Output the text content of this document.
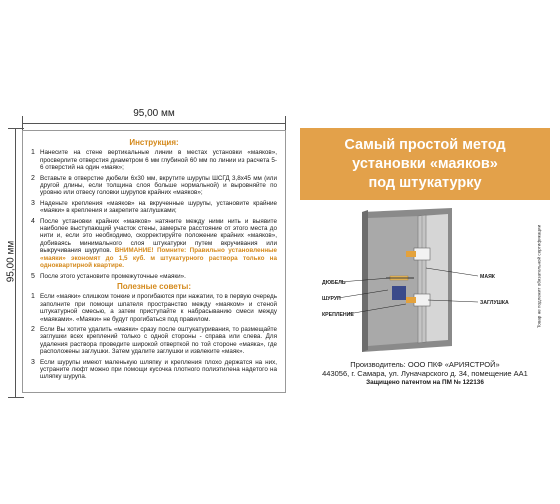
95,00 мм
95,00 мм
Инструкция:
1 Нанесите на стене вертикальные линии в местах установки «маяков», просверлите отверстия диаметром 6 мм глубиной 60 мм по линии из расчета 5-6 отверстий на один «маяк»;
2 Вставьте в отверстие дюбели 6х30 мм, вкрутите шурупы ШСГД 3,8х45 мм (или другой длины, если толщина слоя больше нормальной) и выровняйте по уровню или отвесу головки шурупов крайних «маяков»;
3 Наденьте крепления «маяков» на вкрученные шурупы, установите крайние «маяки» в крепления и закрепите заглушками;
4 После установки крайних «маяков» натяните между ними нить и выявите наиболее выступающий участок стены, замерьте расстояние от этого места до нити и, если это необходимо, скорректируйте положение крайних «маяков», добиваясь минимального слоя штукатурки путем вкручивания или выкручивания шурупов. ВНИМАНИЕ! Помните: Правильно установленные «маяки» экономят до 1,5 куб. м штукатурного раствора только на одноквартирной квартире.
5 После этого установите промежуточные «маяки».
Полезные советы:
1 Если «маяки» слишком тонкие и прогибаются при нажатии, то в первую очередь заполните при помощи шпателя пространство между «маяком» и стеной штукатурной смесью, а затем приступайте к набрасыванию смеси между «маяками». «Маяки» не будут прогибаться под правилом.
2 Если Вы хотите удалить «маяки» сразу после оштукатуривания, то размещайте заглушки всех креплений только с одной стороны - справа или слева. Для удаления раствора проведите широкой отверткой по той стороне «маяка», где расположены заглушки. Затем удалите заглушки и извлеките «маяк».
3 Если шурупы имеют маленькую шляпку и крепления плохо держатся на них, устраните люфт можно при помощи кусочка плотного полиэтилена надетого на шляпку шурупа.
Самый простой метод
установки «маяков»
под штукатурку
ДЮБЕЛЬ
ШУРУП
КРЕПЛЕНИЕ
МАЯК
ЗАГЛУШКА	Товар не подлежит обязательной сертификации
Производитель: ООО ПКФ «АРИЯСТРОЙ»
443056, г. Самара, ул. Луначарского д. 34, помещение АА1
Защищено патентом на ПМ № 122136
